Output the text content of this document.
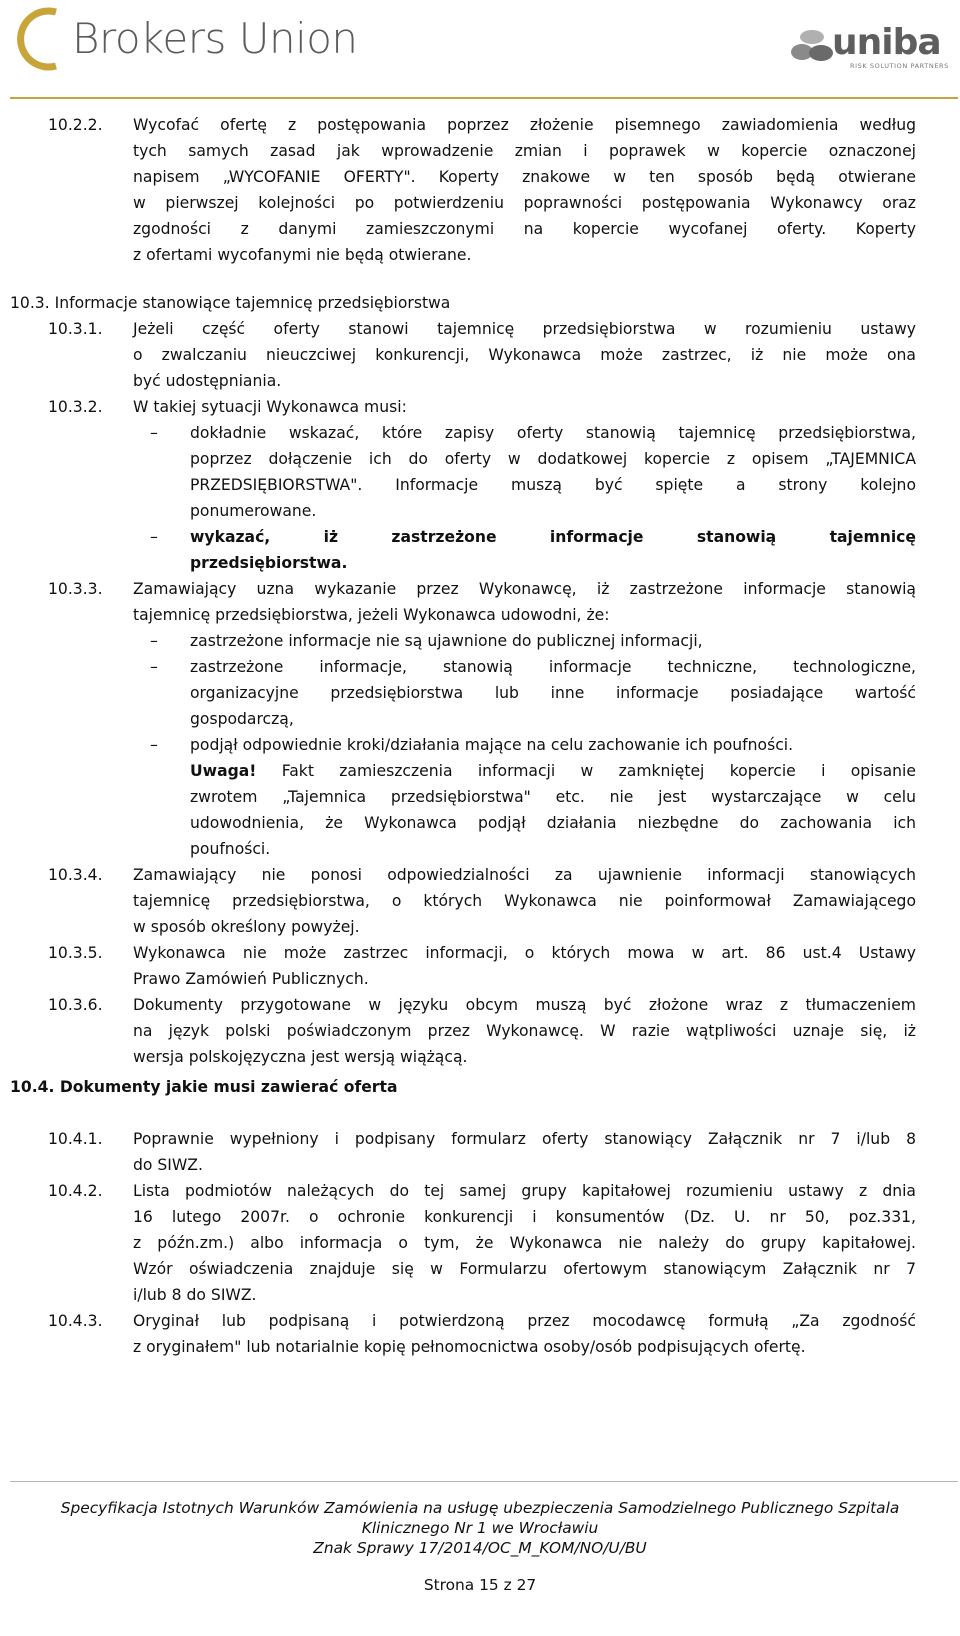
Brokers Union	uniba
RISK SOLUTION PARTNERS
10.2.2. Wycofać ofertę z postępowania poprzez złożenie pisemnego zawiadomienia według
tych samych zasad jak wprowadzenie zmian i poprawek w kopercie oznaczonej
napisem „WYCOFANIE OFERTY". Koperty znakowe w ten sposób będą otwierane
w pierwszej kolejności po potwierdzeniu poprawności postępowania Wykonawcy oraz
zgodności z danymi zamieszczonymi na kopercie wycofanej oferty. Koperty
z ofertami wycofanymi nie będą otwierane.
10.3. Informacje stanowiące tajemnicę przedsiębiorstwa
10.3.1. Jeżeli część oferty stanowi tajemnicę przedsiębiorstwa w rozumieniu ustawy
o zwalczaniu nieuczciwej konkurencji, Wykonawca może zastrzec, iż nie może ona
być udostępniania.
10.3.2. W takiej sytuacji Wykonawca musi:
– dokładnie wskazać, które zapisy oferty stanowią tajemnicę przedsiębiorstwa,
poprzez dołączenie ich do oferty w dodatkowej kopercie z opisem „TAJEMNICA
PRZEDSIĘBIORSTWA". Informacje muszą być spięte a strony kolejno
ponumerowane.
– wykazać, iż zastrzeżone informacje stanowią tajemnicę
przedsiębiorstwa.
10.3.3. Zamawiający uzna wykazanie przez Wykonawcę, iż zastrzeżone informacje stanowią
tajemnicę przedsiębiorstwa, jeżeli Wykonawca udowodni, że:
– zastrzeżone informacje nie są ujawnione do publicznej informacji,
– zastrzeżone informacje, stanowią informacje techniczne, technologiczne,
organizacyjne przedsiębiorstwa lub inne informacje posiadające wartość
gospodarczą,
– podjął odpowiednie kroki/działania mające na celu zachowanie ich poufności.
Uwaga! Fakt zamieszczenia informacji w zamkniętej kopercie i opisanie
zwrotem „Tajemnica przedsiębiorstwa" etc. nie jest wystarczające w celu
udowodnienia, że Wykonawca podjął działania niezbędne do zachowania ich
poufności.
10.3.4. Zamawiający nie ponosi odpowiedzialności za ujawnienie informacji stanowiących
tajemnicę przedsiębiorstwa, o których Wykonawca nie poinformował Zamawiającego
w sposób określony powyżej.
10.3.5. Wykonawca nie może zastrzec informacji, o których mowa w art. 86 ust.4 Ustawy
Prawo Zamówień Publicznych.
10.3.6. Dokumenty przygotowane w języku obcym muszą być złożone wraz z tłumaczeniem
na język polski poświadczonym przez Wykonawcę. W razie wątpliwości uznaje się, iż
wersja polskojęzyczna jest wersją wiążącą.
10.4. Dokumenty jakie musi zawierać oferta
10.4.1. Poprawnie wypełniony i podpisany formularz oferty stanowiący Załącznik nr 7 i/lub 8
do SIWZ.
10.4.2. Lista podmiotów należących do tej samej grupy kapitałowej rozumieniu ustawy z dnia
16 lutego 2007r. o ochronie konkurencji i konsumentów (Dz. U. nr 50, poz.331,
z późn.zm.) albo informacja o tym, że Wykonawca nie należy do grupy kapitałowej.
Wzór oświadczenia znajduje się w Formularzu ofertowym stanowiącym Załącznik nr 7
i/lub 8 do SIWZ.
10.4.3. Oryginał lub podpisaną i potwierdzoną przez mocodawcę formułą „Za zgodność
z oryginałem" lub notarialnie kopię pełnomocnictwa osoby/osób podpisujących ofertę.
Specyfikacja Istotnych Warunków Zamówienia na usługę ubezpieczenia Samodzielnego Publicznego Szpitala
Klinicznego Nr 1 we Wrocławiu
Znak Sprawy 17/2014/OC_M_KOM/NO/U/BU
Strona 15 z 27
